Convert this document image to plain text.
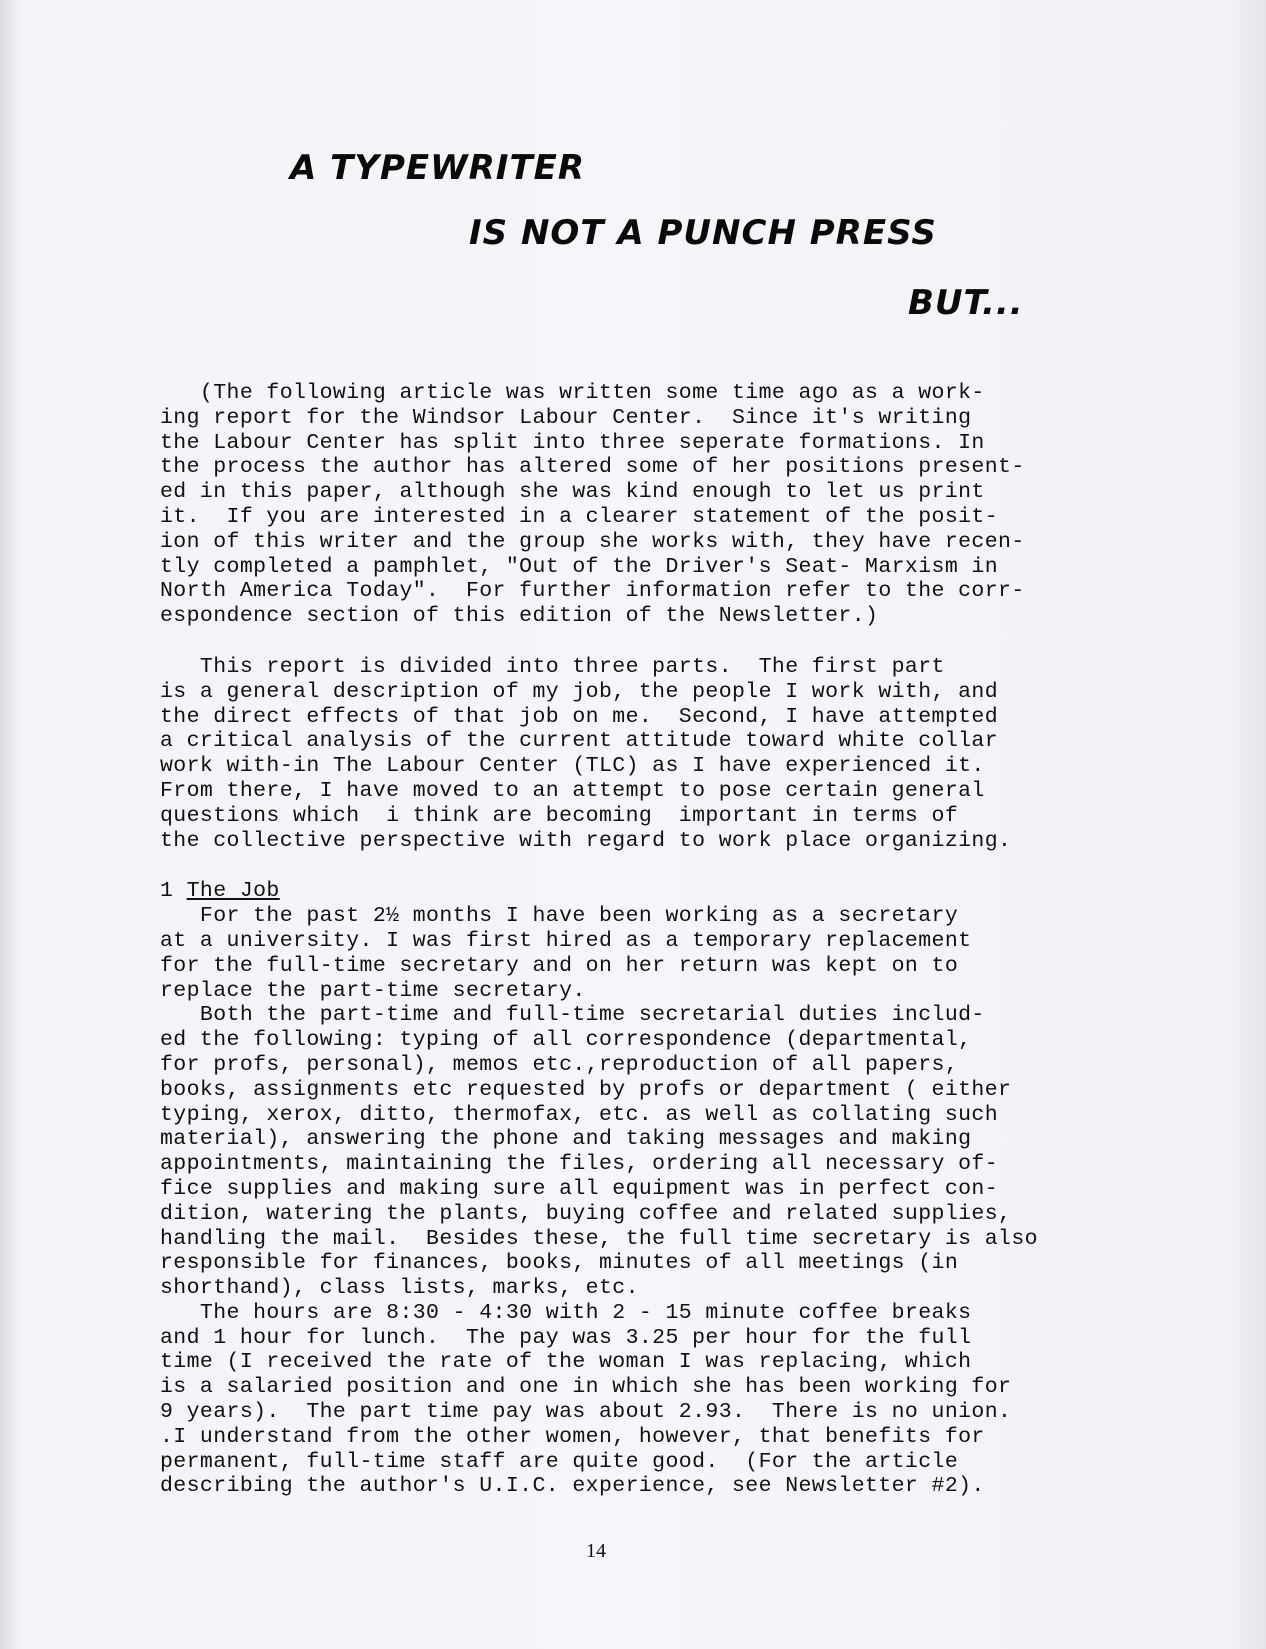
A TYPEWRITER
IS NOT A PUNCH PRESS
BUT...

(The following article was written some time ago as a work-

ing report for the Windsor Labour Center.  Since it's writing

the Labour Center has split into three seperate formations. In

the process the author has altered some of her positions present-

ed in this paper, although she was kind enough to let us print

it.  If you are interested in a clearer statement of the posit-

ion of this writer and the group she works with, they have recen-

tly completed a pamphlet, "Out of the Driver's Seat- Marxism in

North America Today".  For further information refer to the corr-

espondence section of this edition of the Newsletter.)

This report is divided into three parts.  The first part

is a general description of my job, the people I work with, and

the direct effects of that job on me.  Second, I have attempted

a critical analysis of the current attitude toward white collar

work with-in The Labour Center (TLC) as I have experienced it.

From there, I have moved to an attempt to pose certain general

questions which  i think are becoming  important in terms of

the collective perspective with regard to work place organizing.

1 The Job

For the past 2½ months I have been working as a secretary

at a university. I was first hired as a temporary replacement

for the full-time secretary and on her return was kept on to

replace the part-time secretary.

Both the part-time and full-time secretarial duties includ-

ed the following: typing of all correspondence (departmental,

for profs, personal), memos etc.,reproduction of all papers,

books, assignments etc requested by profs or department ( either

typing, xerox, ditto, thermofax, etc. as well as collating such

material), answering the phone and taking messages and making

appointments, maintaining the files, ordering all necessary of-

fice supplies and making sure all equipment was in perfect con-

dition, watering the plants, buying coffee and related supplies,

handling the mail.  Besides these, the full time secretary is also

responsible for finances, books, minutes of all meetings (in

shorthand), class lists, marks, etc.

The hours are 8:30 - 4:30 with 2 - 15 minute coffee breaks

and 1 hour for lunch.  The pay was 3.25 per hour for the full

time (I received the rate of the woman I was replacing, which

is a salaried position and one in which she has been working for

9 years).  The part time pay was about 2.93.  There is no union.

.I understand from the other women, however, that benefits for

permanent, full-time staff are quite good.  (For the article

describing the author's U.I.C. experience, see Newsletter #2).

14
